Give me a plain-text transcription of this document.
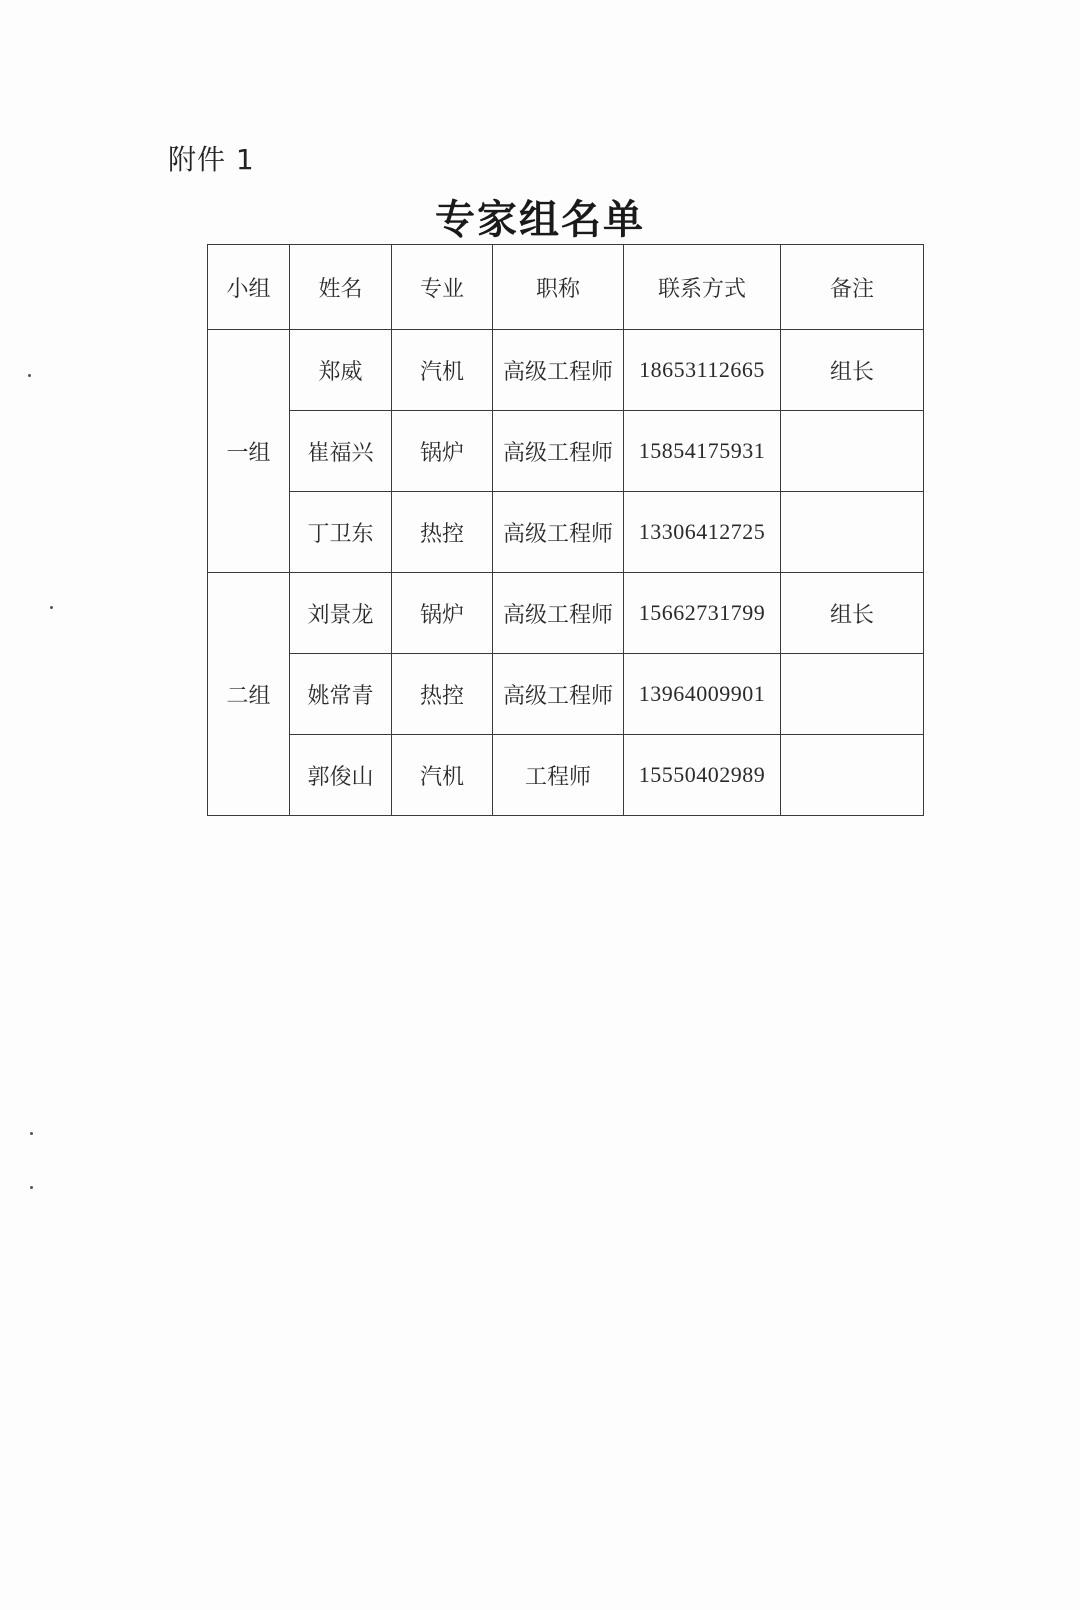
附件 1
专家组名单
小组	姓名	专业	职称	联系方式	备注
一组	郑威	汽机	高级工程师	18653112665	组长
	崔福兴	锅炉	高级工程师	15854175931	
	丁卫东	热控	高级工程师	13306412725	
二组	刘景龙	锅炉	高级工程师	15662731799	组长
	姚常青	热控	高级工程师	13964009901	
	郭俊山	汽机	工程师	15550402989	
